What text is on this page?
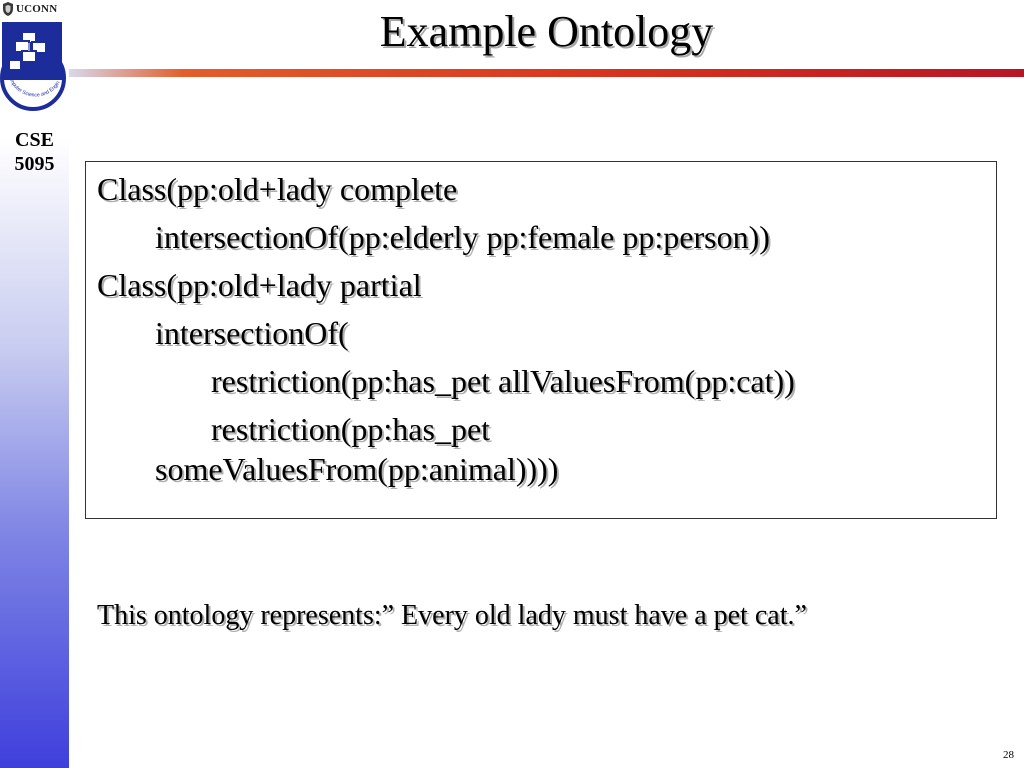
UCONN
Computer Science and Engin
CSE
5095
Example Ontology
Class(pp:old+lady complete
intersectionOf(pp:elderly pp:female pp:person))
Class(pp:old+lady partial
intersectionOf(
restriction(pp:has_pet allValuesFrom(pp:cat))
restriction(pp:has_pet
someValuesFrom(pp:animal))))
This ontology represents:” Every old lady must have a pet cat.”
28
